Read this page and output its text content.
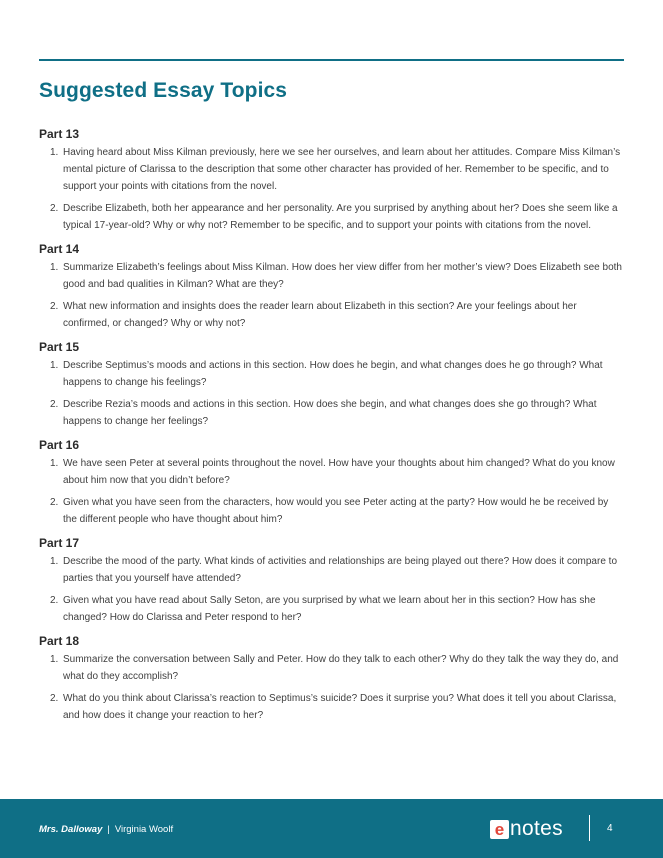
Suggested Essay Topics
Part 13
1. Having heard about Miss Kilman previously, here we see her ourselves, and learn about her attitudes. Compare Miss Kilman’s mental picture of Clarissa to the description that some other character has provided of her. Remember to be specific, and to support your points with citations from the novel.
2. Describe Elizabeth, both her appearance and her personality. Are you surprised by anything about her? Does she seem like a typical 17-year-old? Why or why not? Remember to be specific, and to support your points with citations from the novel.
Part 14
1. Summarize Elizabeth’s feelings about Miss Kilman. How does her view differ from her mother’s view? Does Elizabeth see both good and bad qualities in Kilman? What are they?
2. What new information and insights does the reader learn about Elizabeth in this section? Are your feelings about her confirmed, or changed? Why or why not?
Part 15
1. Describe Septimus’s moods and actions in this section. How does he begin, and what changes does he go through? What happens to change his feelings?
2. Describe Rezia’s moods and actions in this section. How does she begin, and what changes does she go through? What happens to change her feelings?
Part 16
1. We have seen Peter at several points throughout the novel. How have your thoughts about him changed? What do you know about him now that you didn’t before?
2. Given what you have seen from the characters, how would you see Peter acting at the party? How would he be received by the different people who have thought about him?
Part 17
1. Describe the mood of the party. What kinds of activities and relationships are being played out there? How does it compare to parties that you yourself have attended?
2. Given what you have read about Sally Seton, are you surprised by what we learn about her in this section? How has she changed? How do Clarissa and Peter respond to her?
Part 18
1. Summarize the conversation between Sally and Peter. How do they talk to each other? Why do they talk the way they do, and what do they accomplish?
2. What do you think about Clarissa’s reaction to Septimus’s suicide? Does it surprise you? What does it tell you about Clarissa, and how does it change your reaction to her?
Mrs. Dalloway | Virginia Woolf	e notes	4
